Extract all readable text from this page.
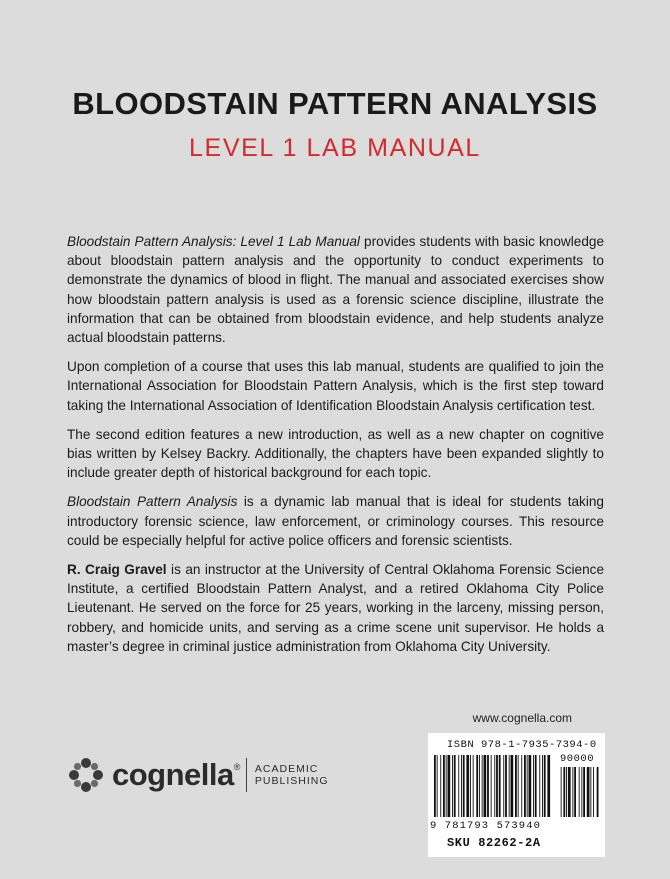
BLOODSTAIN PATTERN ANALYSIS
LEVEL 1 LAB MANUAL

Bloodstain Pattern Analysis: Level 1 Lab Manual provides students with basic knowledge about bloodstain pattern analysis and the opportunity to conduct experiments to demonstrate the dynamics of blood in flight. The manual and associated exercises show how bloodstain pattern analysis is used as a forensic science discipline, illustrate the information that can be obtained from bloodstain evidence, and help students analyze actual bloodstain patterns.

Upon completion of a course that uses this lab manual, students are qualified to join the International Association for Bloodstain Pattern Analysis, which is the first step toward taking the International Association of Identification Bloodstain Analysis certification test.

The second edition features a new introduction, as well as a new chapter on cognitive bias written by Kelsey Backry. Additionally, the chapters have been expanded slightly to include greater depth of historical background for each topic.

Bloodstain Pattern Analysis is a dynamic lab manual that is ideal for students taking introductory forensic science, law enforcement, or criminology courses. This resource could be especially helpful for active police officers and forensic scientists.

R. Craig Gravel is an instructor at the University of Central Oklahoma Forensic Science Institute, a certified Bloodstain Pattern Analyst, and a retired Oklahoma City Police Lieutenant. He served on the force for 25 years, working in the larceny, missing person, robbery, and homicide units, and serving as a crime scene unit supervisor. He holds a master’s degree in criminal justice administration from Oklahoma City University.

www.cognella.com
cognella® ACADEMIC
PUBLISHING
ISBN 978-1-7935-7394-0
90000
9 781793 573940
SKU 82262-2A
